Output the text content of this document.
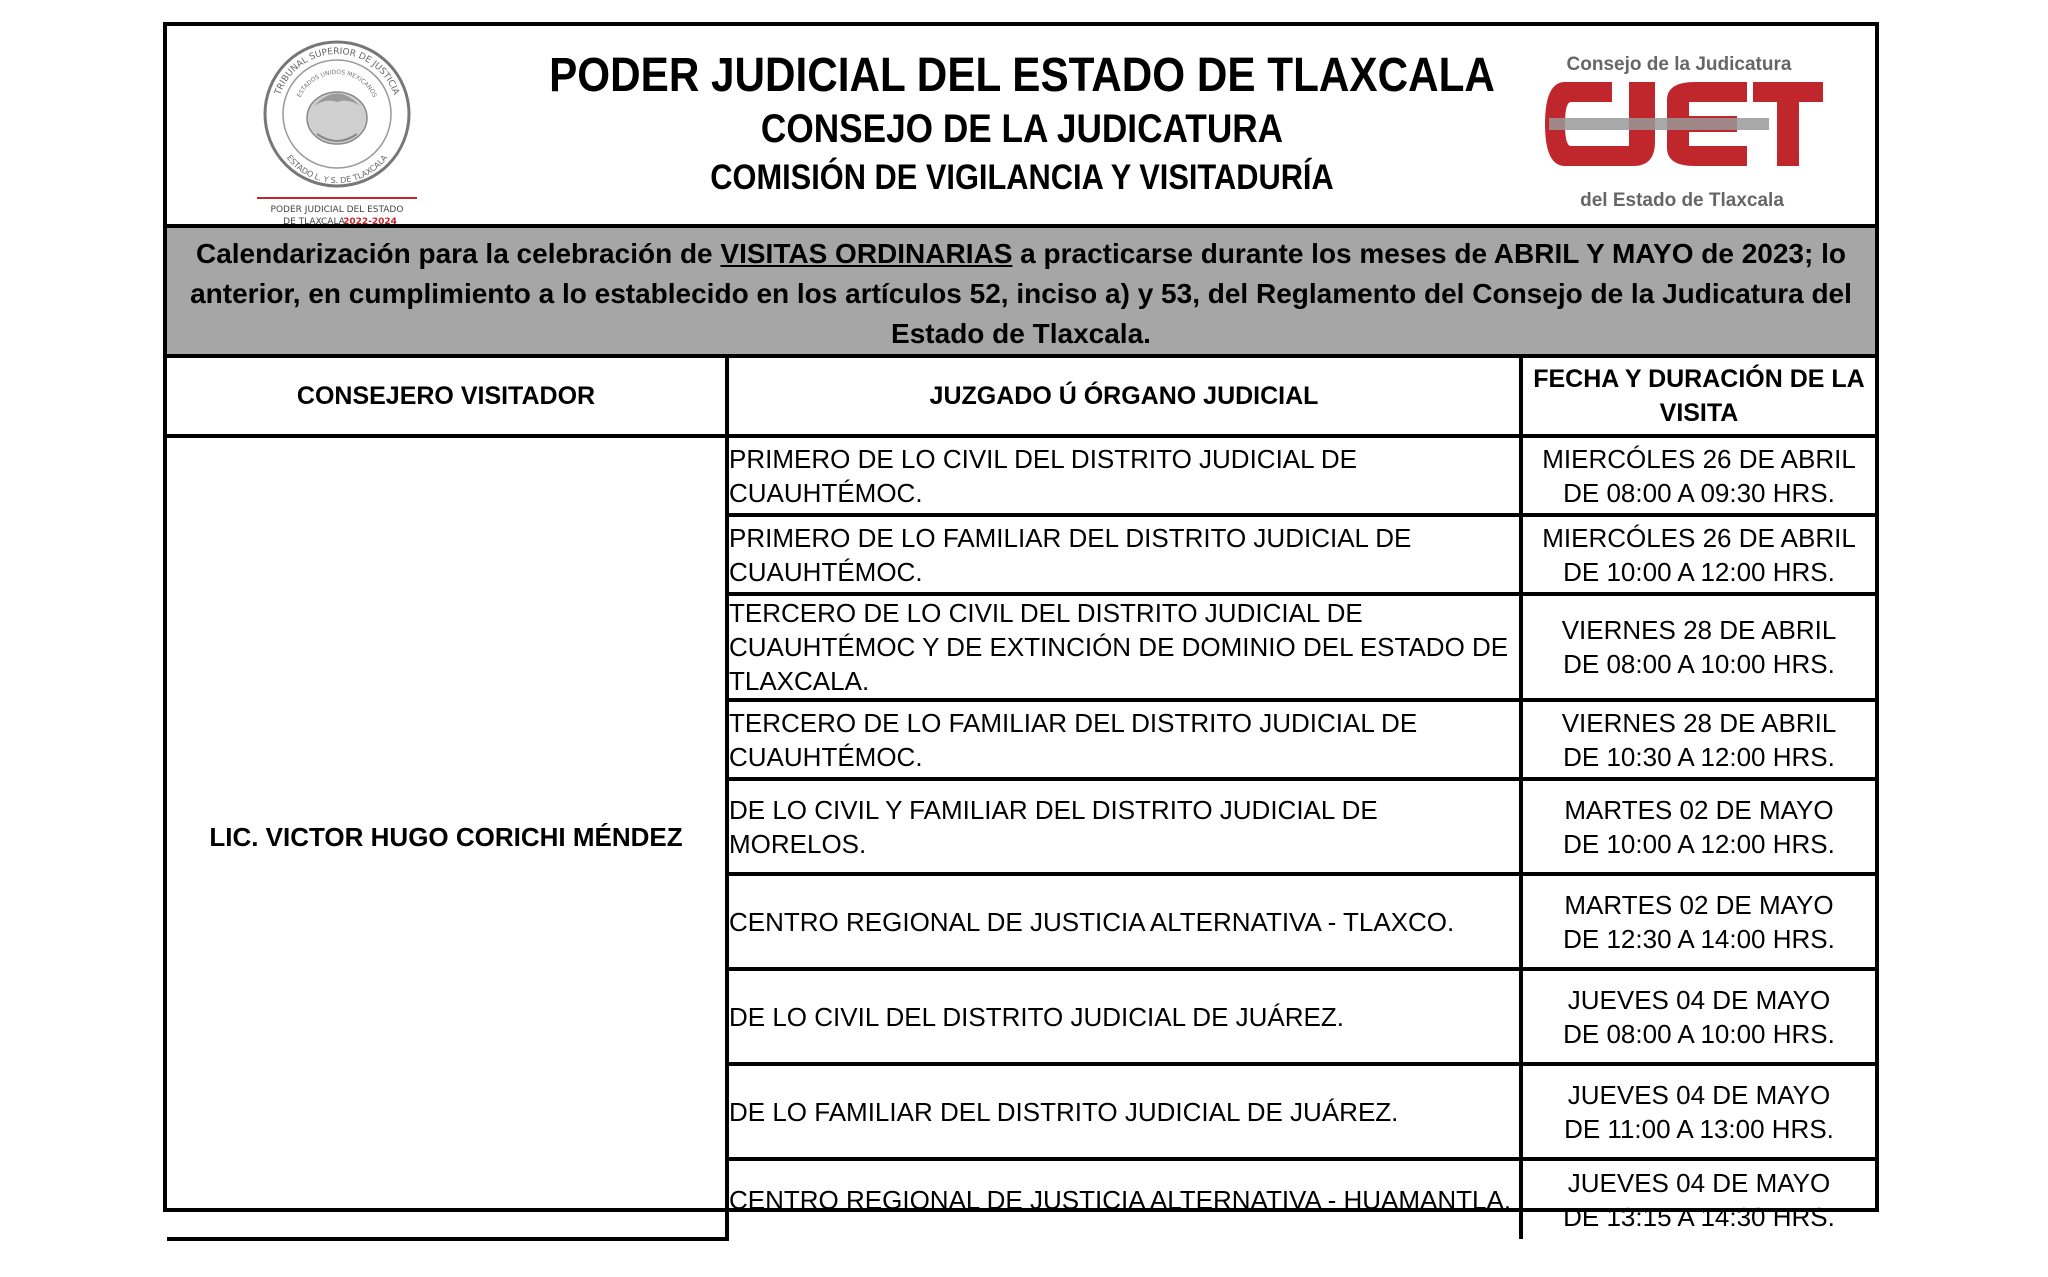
PODER JUDICIAL DEL ESTADO
DE TLAXCALA
2022-2024
TRIBUNAL SUPERIOR DE JUSTICIA
ESTADOS UNIDOS MEXICANOS
ESTADO L. Y S. DE TLAXCALA
PODER JUDICIAL DEL ESTADO DE TLAXCALA
CONSEJO DE LA JUDICATURA
COMISIÓN DE VIGILANCIA Y VISITADURÍA
Consejo de la Judicatura
del Estado de Tlaxcala
Calendarización para la celebración de VISITAS ORDINARIAS a practicarse durante los meses de ABRIL Y MAYO de 2023; lo anterior, en cumplimiento a lo establecido en los artículos 52, inciso a) y 53, del Reglamento del Consejo de la Judicatura del Estado de Tlaxcala.
CONSEJERO VISITADOR	JUZGADO Ú ÓRGANO JUDICIAL	FECHA Y DURACIÓN DE LA VISITA
LIC. VICTOR HUGO CORICHI MÉNDEZ	PRIMERO DE LO CIVIL DEL DISTRITO JUDICIAL DE CUAUHTÉMOC.	MIERCÓLES 26 DE ABRIL
DE 08:00 A 09:30 HRS.

	PRIMERO DE LO FAMILIAR DEL DISTRITO JUDICIAL DE CUAUHTÉMOC.	MIERCÓLES 26 DE ABRIL
DE 10:00 A 12:00 HRS.

	TERCERO DE LO CIVIL DEL DISTRITO JUDICIAL DE CUAUHTÉMOC Y DE EXTINCIÓN DE DOMINIO DEL ESTADO DE TLAXCALA.	VIERNES 28 DE ABRIL
DE 08:00 A 10:00 HRS.

	TERCERO DE LO FAMILIAR DEL DISTRITO JUDICIAL DE CUAUHTÉMOC.	VIERNES 28 DE ABRIL
DE 10:30 A 12:00 HRS.

	DE LO CIVIL Y FAMILIAR DEL DISTRITO JUDICIAL DE MORELOS.	MARTES 02 DE MAYO
DE 10:00 A 12:00 HRS.

	CENTRO REGIONAL DE JUSTICIA ALTERNATIVA - TLAXCO.	MARTES 02 DE MAYO
DE 12:30 A 14:00 HRS.

	DE LO CIVIL DEL DISTRITO JUDICIAL DE JUÁREZ.	JUEVES 04 DE MAYO
DE 08:00 A 10:00 HRS.

	DE LO FAMILIAR DEL DISTRITO JUDICIAL DE JUÁREZ.	JUEVES 04 DE MAYO
DE 11:00 A 13:00 HRS.

	CENTRO REGIONAL DE JUSTICIA ALTERNATIVA - HUAMANTLA.	JUEVES 04 DE MAYO
DE 13:15 A 14:30 HRS.
